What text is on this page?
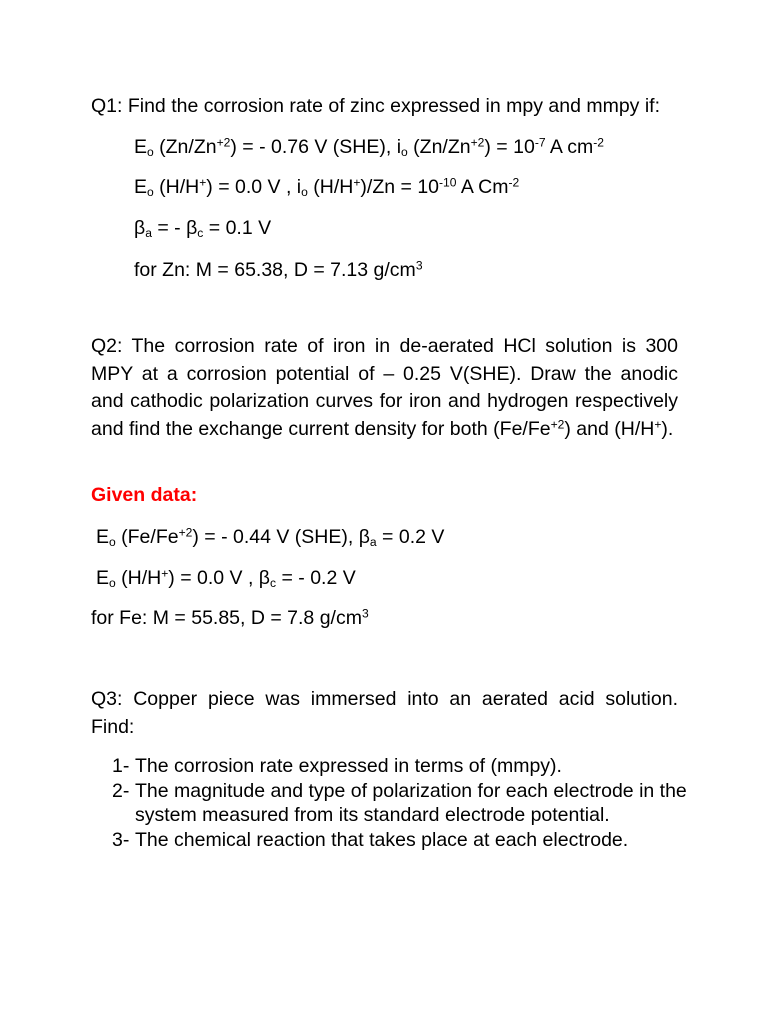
Q1: Find the corrosion rate of zinc expressed in mpy and mmpy if:
$E_o$ $(Zn/Zn^{+2})$ = - 0.76 V (SHE), $i_o$ $(Zn/Zn^{+2}) = 10^{-7}$ A $cm^{-2}$
$E_o$ (H/H+) = 0.0 V , $i_o$ $(H/H^+)/Zn = 10^{-10}$ A $Cm^{-2}$
$\beta_a$ = - $\beta_c = 0.1$ V
for Zn: M = 65.38, D = 7.13 $g/cm^3$
Q2: The corrosion rate of iron in de-aerated HCl solution is 300 MPY at a corrosion potential of – 0.25 V(SHE). Draw the anodic and cathodic polarization curves for iron and hydrogen respectively and find the exchange current density for both $(Fe/Fe^{+2})$ and (H/H+).
Given data:
$E_o$ $(Fe/Fe^{+2})$ = - 0.44 V (SHE), $\beta_a = 0.2$ V
$E_o$ (H/H+) = 0.0 V , $\beta_c$ = - 0.2 V
for Fe: M = 55.85, D = 7.8 $g/cm^3$
Q3: Copper piece was immersed into an aerated acid solution. Find:
1- The corrosion rate expressed in terms of (mmpy).
2- The magnitude and type of polarization for each electrode in the system measured from its standard electrode potential.
3- The chemical reaction that takes place at each electrode.
